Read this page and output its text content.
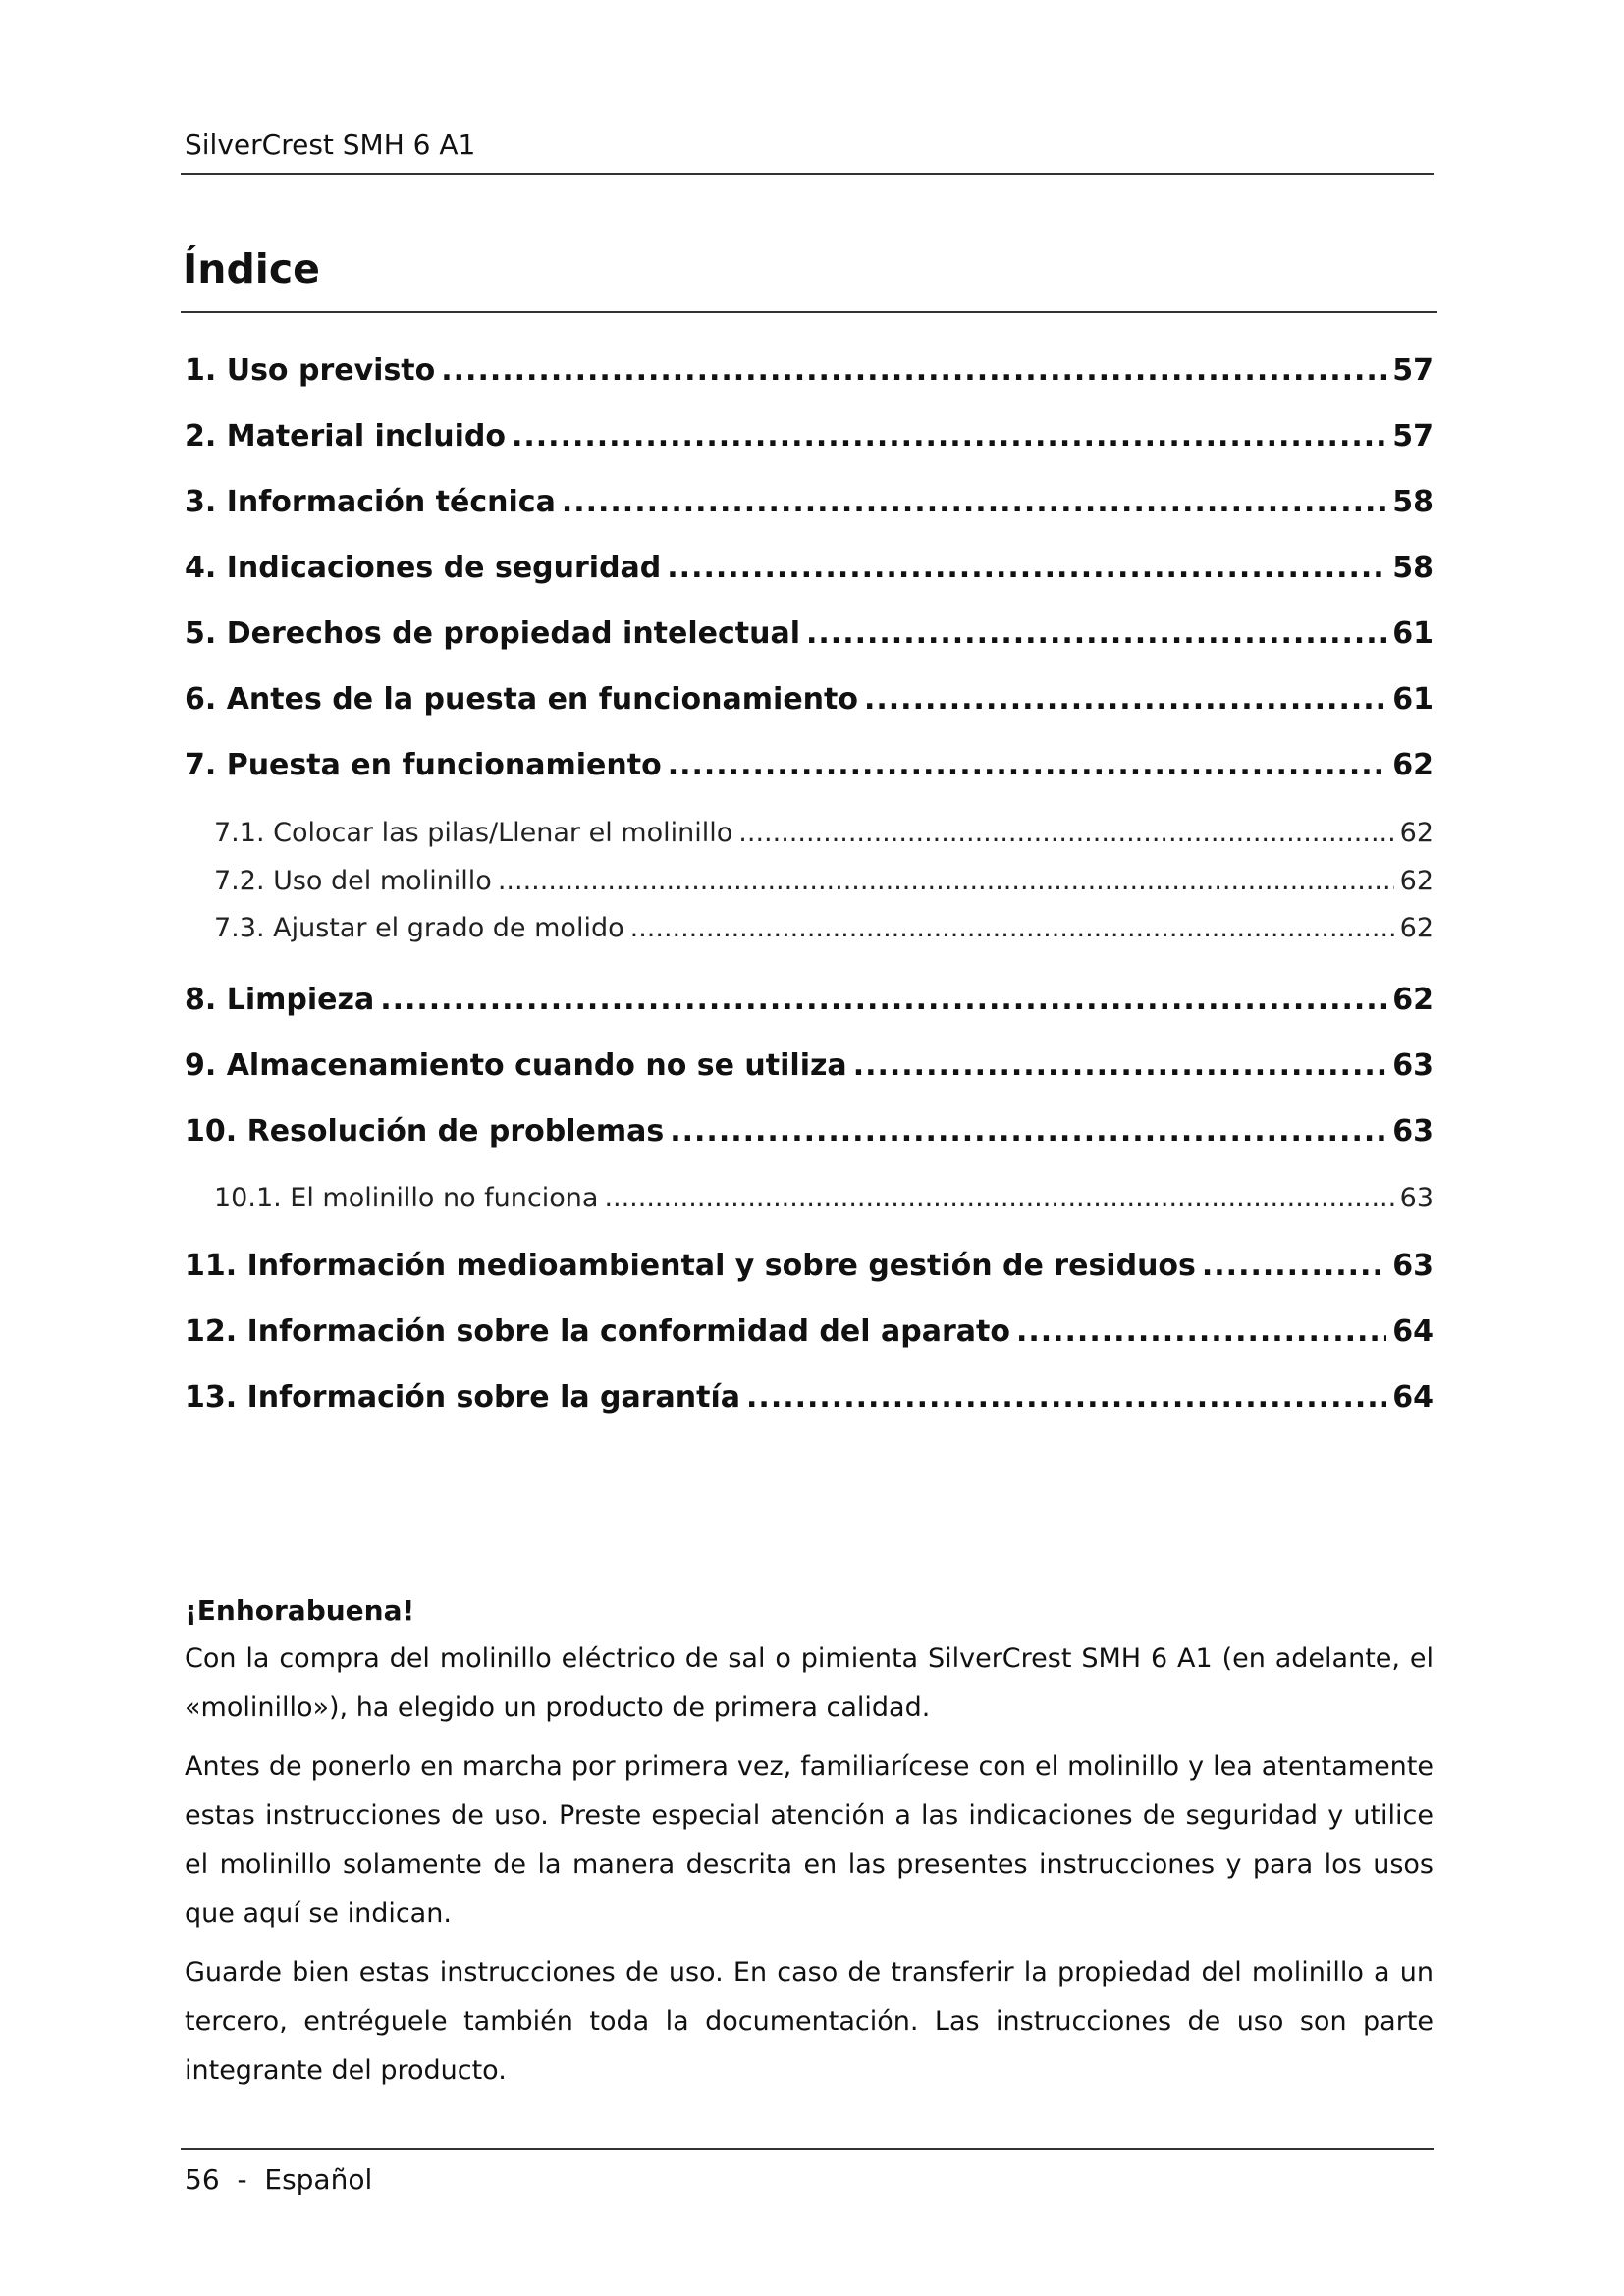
SilverCrest SMH 6 A1
Índice
1. Uso previsto .....	57
2. Material incluido .....	57
3. Información técnica .....	58
4. Indicaciones de seguridad .....	58
5. Derechos de propiedad intelectual .....	61
6. Antes de la puesta en funcionamiento .....	61
7. Puesta en funcionamiento .....	62
7.1. Colocar las pilas/Llenar el molinillo .....	62
7.2. Uso del molinillo .....	62
7.3. Ajustar el grado de molido .....	62
8. Limpieza .....	62
9. Almacenamiento cuando no se utiliza .....	63
10. Resolución de problemas .....	63
10.1. El molinillo no funciona .....	63
11. Información medioambiental y sobre gestión de residuos .....	63
12. Información sobre la conformidad del aparato .....	64
13. Información sobre la garantía .....	64
¡Enhorabuena!

Con la compra del molinillo eléctrico de sal o pimienta SilverCrest SMH 6 A1 (en adelante, el «molinillo»), ha elegido un producto de primera calidad.

Antes de ponerlo en marcha por primera vez, familiarícese con el molinillo y lea atentamente estas instrucciones de uso. Preste especial atención a las indicaciones de seguridad y utilice el molinillo solamente de la manera descrita en las presentes instrucciones y para los usos que aquí se indican.

Guarde bien estas instrucciones de uso. En caso de transferir la propiedad del molinillo a un tercero, entréguele también toda la documentación. Las instrucciones de uso son parte integrante del producto.

56 - Español
